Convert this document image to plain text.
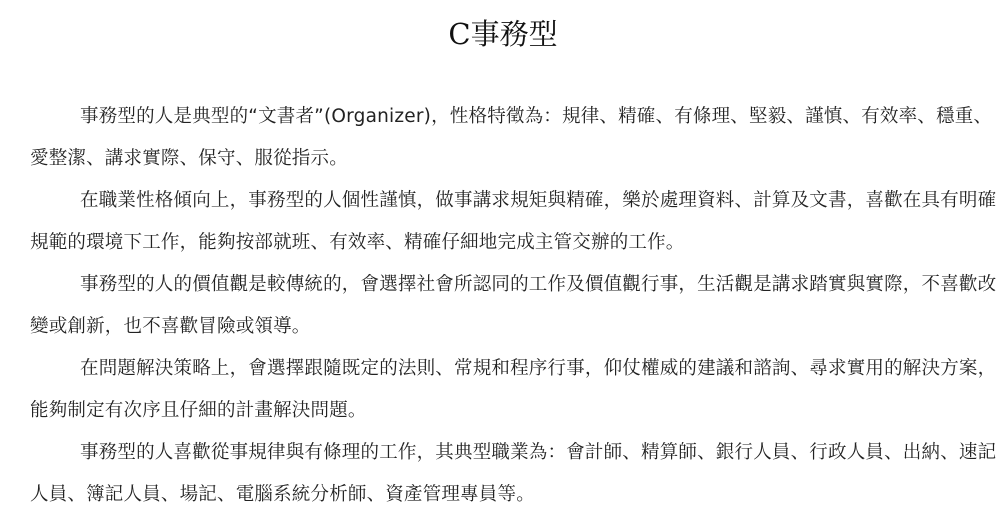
C事務型

事務型的人是典型的“文書者”(Organizer)，性格特徵為：規律、精確、有條理、堅毅、謹慎、有效率、穩重、愛整潔、講求實際、保守、服從指示。

在職業性格傾向上，事務型的人個性謹慎，做事講求規矩與精確，樂於處理資料、計算及文書，喜歡在具有明確規範的環境下工作，能夠按部就班、有效率、精確仔細地完成主管交辦的工作。

事務型的人的價值觀是較傳統的，會選擇社會所認同的工作及價值觀行事，生活觀是講求踏實與實際，不喜歡改變或創新，也不喜歡冒險或領導。

在問題解決策略上，會選擇跟隨既定的法則、常規和程序行事，仰仗權威的建議和諮詢、尋求實用的解決方案，能夠制定有次序且仔細的計畫解決問題。

事務型的人喜歡從事規律與有條理的工作，其典型職業為：會計師、精算師、銀行人員、行政人員、出納、速記人員、簿記人員、場記、電腦系統分析師、資產管理專員等。
